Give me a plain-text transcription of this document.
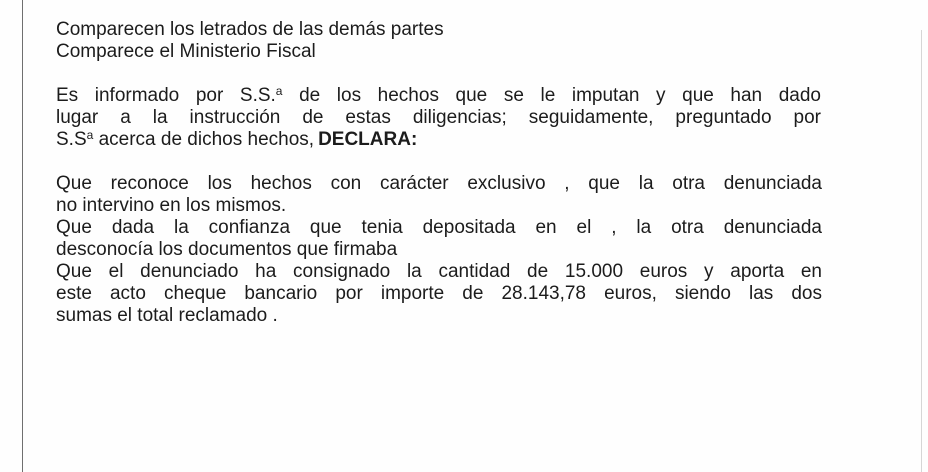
Comparecen los letrados de las demás partes
Comparece el Ministerio Fiscal
Es informado por S.S.$^a$ de los hechos que se le imputan y que han dado
lugar a la instrucción de estas diligencias; seguidamente, preguntado por
$S.S^a$ acerca de dichos hechos, DECLARA:
Que reconoce los hechos con carácter exclusivo , que la otra denunciada
no intervino en los mismos.
Que dada la confianza que tenia depositada en el , la otra denunciada
desconocía los documentos que firmaba
Que el denunciado ha consignado la cantidad de 15.000 euros y aporta en
este acto cheque bancario por importe de 28.143,78 euros, siendo las dos
sumas el total reclamado .
